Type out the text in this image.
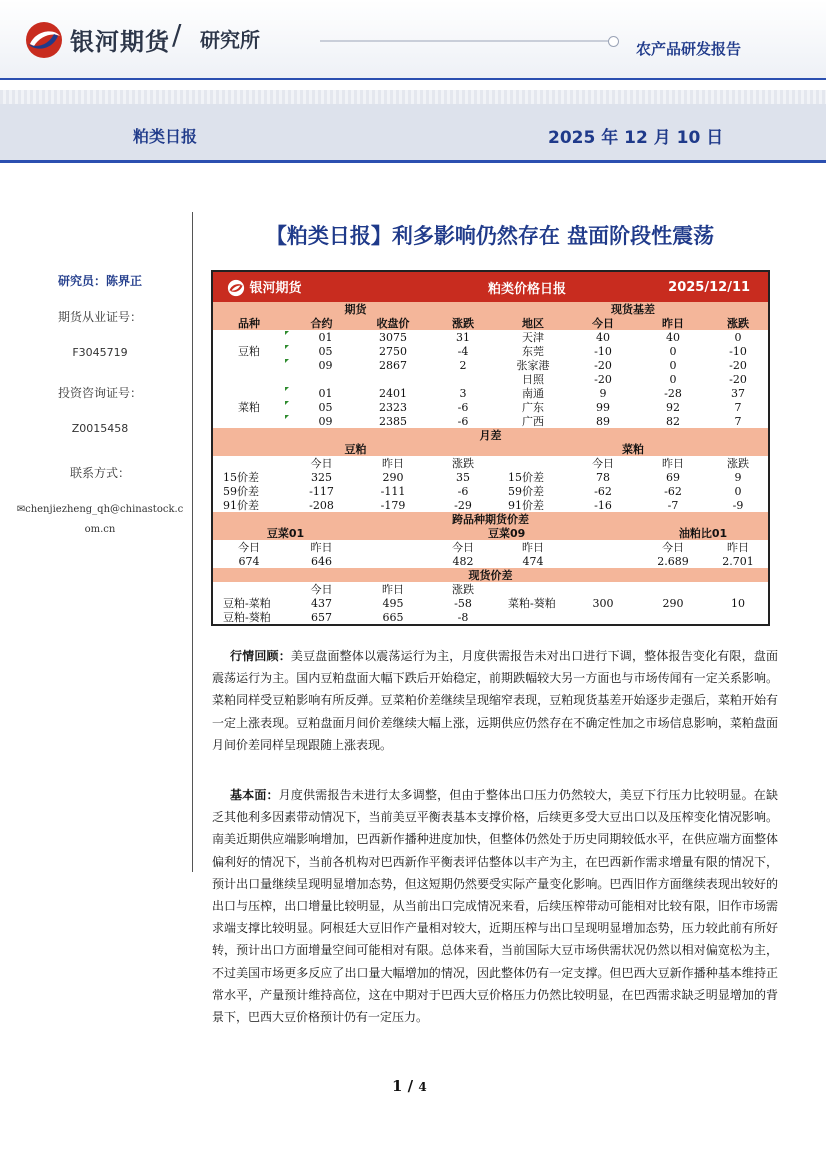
银河期货 / 研究所	农产品研发报告
粕类日报	2025 年 12 月 10 日
【粕类日报】利多影响仍然存在 盘面阶段性震荡
研究员：陈界正
期货从业证号：
F3045719
投资咨询证号：
Z0015458
联系方式：
✉chenjiezheng_qh@chinastock.c
om.cn
银河期货		粕类价格日报			2025/12/11		
期货				现货基差			
品种	合约	收盘价	涨跌	地区	今日	昨日	涨跌
	01	3075	31	天津	40	40	0
豆粕	05	2750	-4	东莞	-10	0	-10
	09	2867	2	张家港	-20	0	-20
				日照	-20	0	-20
	01	2401	3	南通	9	-28	37
菜粕	05	2323	-6	广东	99	92	7
	09	2385	-6	广西	89	82	7
月差							
豆粕				菜粕			
	今日	昨日	涨跌		今日	昨日	涨跌
15价差	325	290	35	15价差	78	69	9
59价差	-117	-111	-6	59价差	-62	-62	0
91价差	-208	-179	-29	91价差	-16	-7	-9
跨品种期货价差							
豆菜01		豆菜09				油粕比01	
今日	昨日		今日	昨日		今日	昨日
674	646		482	474		2.689	2.701
现货价差							
	今日	昨日	涨跌				
豆粕-菜粕	437	495	-58	菜粕-葵粕	300	290	10
豆粕-葵粕	657	665	-8				
行情回顾：美豆盘面整体以震荡运行为主，月度供需报告未对出口进行下调，整体报告变化有限，盘面震荡运行为主。国内豆粕盘面大幅下跌后开始稳定，前期跌幅较大另一方面也与市场传闻有一定关系影响。菜粕同样受豆粕影响有所反弹。豆菜粕价差继续呈现缩窄表现，豆粕现货基差开始逐步走强后，菜粕开始有一定上涨表现。豆粕盘面月间价差继续大幅上涨，远期供应仍然存在不确定性加之市场信息影响，菜粕盘面月间价差同样呈现跟随上涨表现。
基本面：月度供需报告未进行太多调整，但由于整体出口压力仍然较大，美豆下行压力比较明显。在缺乏其他利多因素带动情况下，当前美豆平衡表基本支撑价格，后续更多受大豆出口以及压榨变化情况影响。南美近期供应端影响增加，巴西新作播种进度加快，但整体仍然处于历史同期较低水平，在供应端方面整体偏利好的情况下，当前各机构对巴西新作平衡表评估整体以丰产为主，在巴西新作需求增量有限的情况下，预计出口量继续呈现明显增加态势，但这短期仍然要受实际产量变化影响。巴西旧作方面继续表现出较好的出口与压榨，出口增量比较明显，从当前出口完成情况来看，后续压榨带动可能相对比较有限，旧作市场需求端支撑比较明显。阿根廷大豆旧作产量相对较大，近期压榨与出口呈现明显增加态势，压力较此前有所好转，预计出口方面增量空间可能相对有限。总体来看，当前国际大豆市场供需状况仍然以相对偏宽松为主，不过美国市场更多反应了出口量大幅增加的情况，因此整体仍有一定支撑。但巴西大豆新作播种基本维持正常水平，产量预计维持高位，这在中期对于巴西大豆价格压力仍然比较明显，在巴西需求缺乏明显增加的背景下，巴西大豆价格预计仍有一定压力。
1 / 4
